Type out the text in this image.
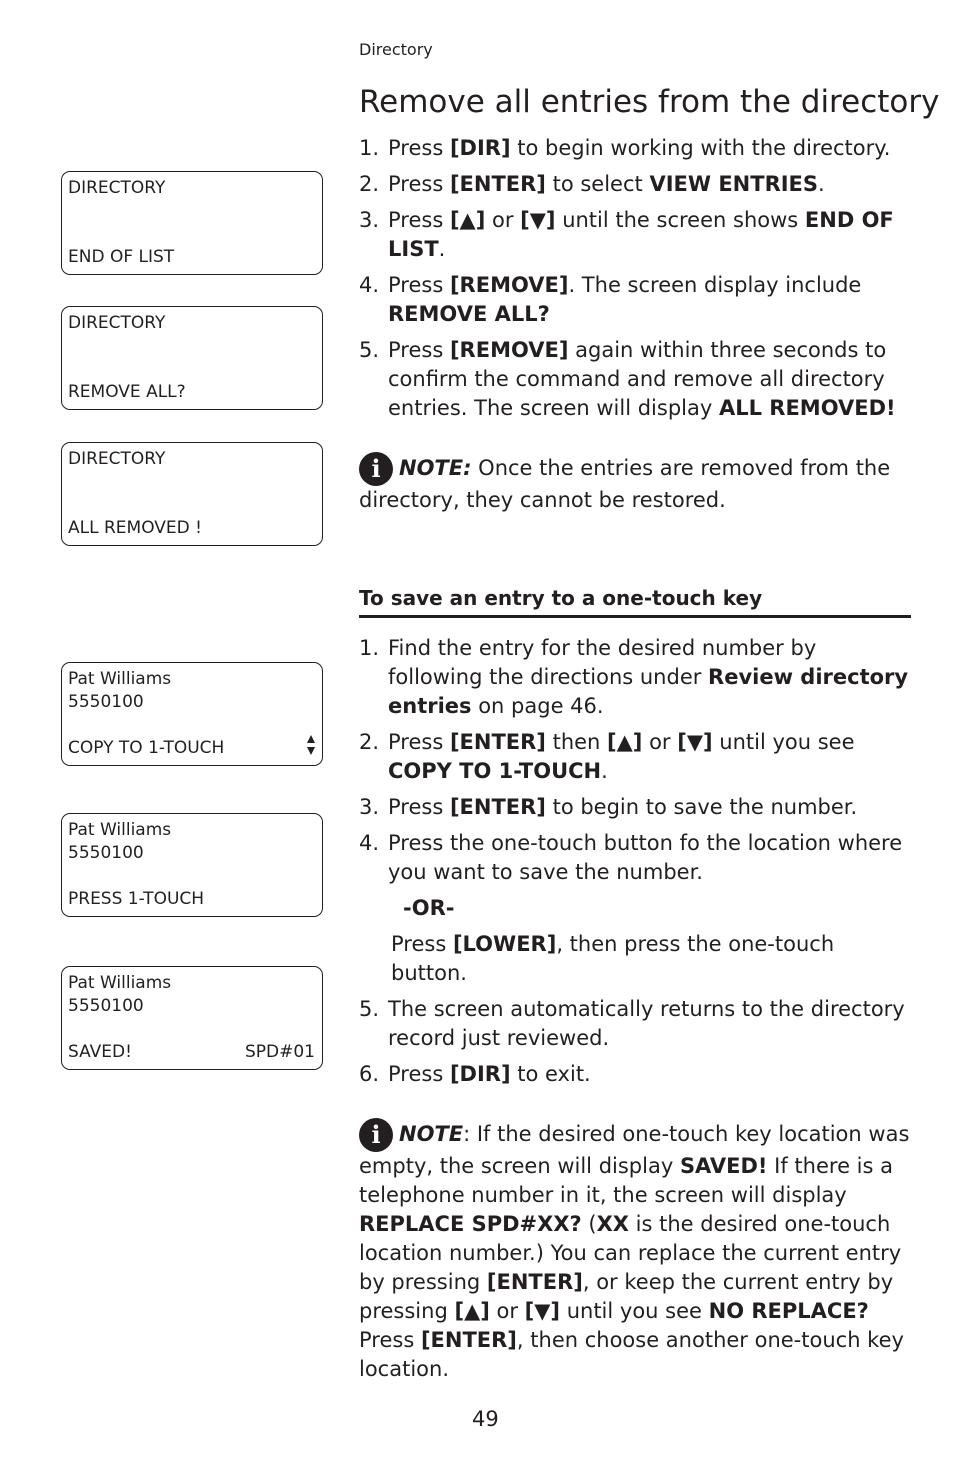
Directory
Remove all entries from the directory
1. Press [DIR] to begin working with the directory.
2. Press [ENTER] to select VIEW ENTRIES.
3. Press [▲] or [▼] until the screen shows END OF LIST.
4. Press [REMOVE]. The screen display include REMOVE ALL?
5. Press [REMOVE] again within three seconds to confirm the command and remove all directory entries. The screen will display ALL REMOVED!
i NOTE: Once the entries are removed from the directory, they cannot be restored.
To save an entry to a one-touch key
1. Find the entry for the desired number by following the directions under Review directory entries on page 46.
2. Press [ENTER] then [▲] or [▼] until you see COPY TO 1-TOUCH.
3. Press [ENTER] to begin to save the number.
4. Press the one-touch button fo the location where you want to save the number.
-OR-
Press [LOWER], then press the one-touch button.
5. The screen automatically returns to the directory record just reviewed.
6. Press [DIR] to exit.
i NOTE: If the desired one-touch key location was empty, the screen will display SAVED! If there is a telephone number in it, the screen will display REPLACE SPD#XX? (XX is the desired one-touch location number.) You can replace the current entry by pressing [ENTER], or keep the current entry by pressing [▲] or [▼] until you see NO REPLACE? Press [ENTER], then choose another one-touch key location.
DIRECTORY
END OF LIST
DIRECTORY
REMOVE ALL?
DIRECTORY
ALL REMOVED !
Pat Williams
5550100
COPY TO 1-TOUCH
Pat Williams
5550100
PRESS 1-TOUCH
Pat Williams
5550100
SAVED!	SPD#01
49
